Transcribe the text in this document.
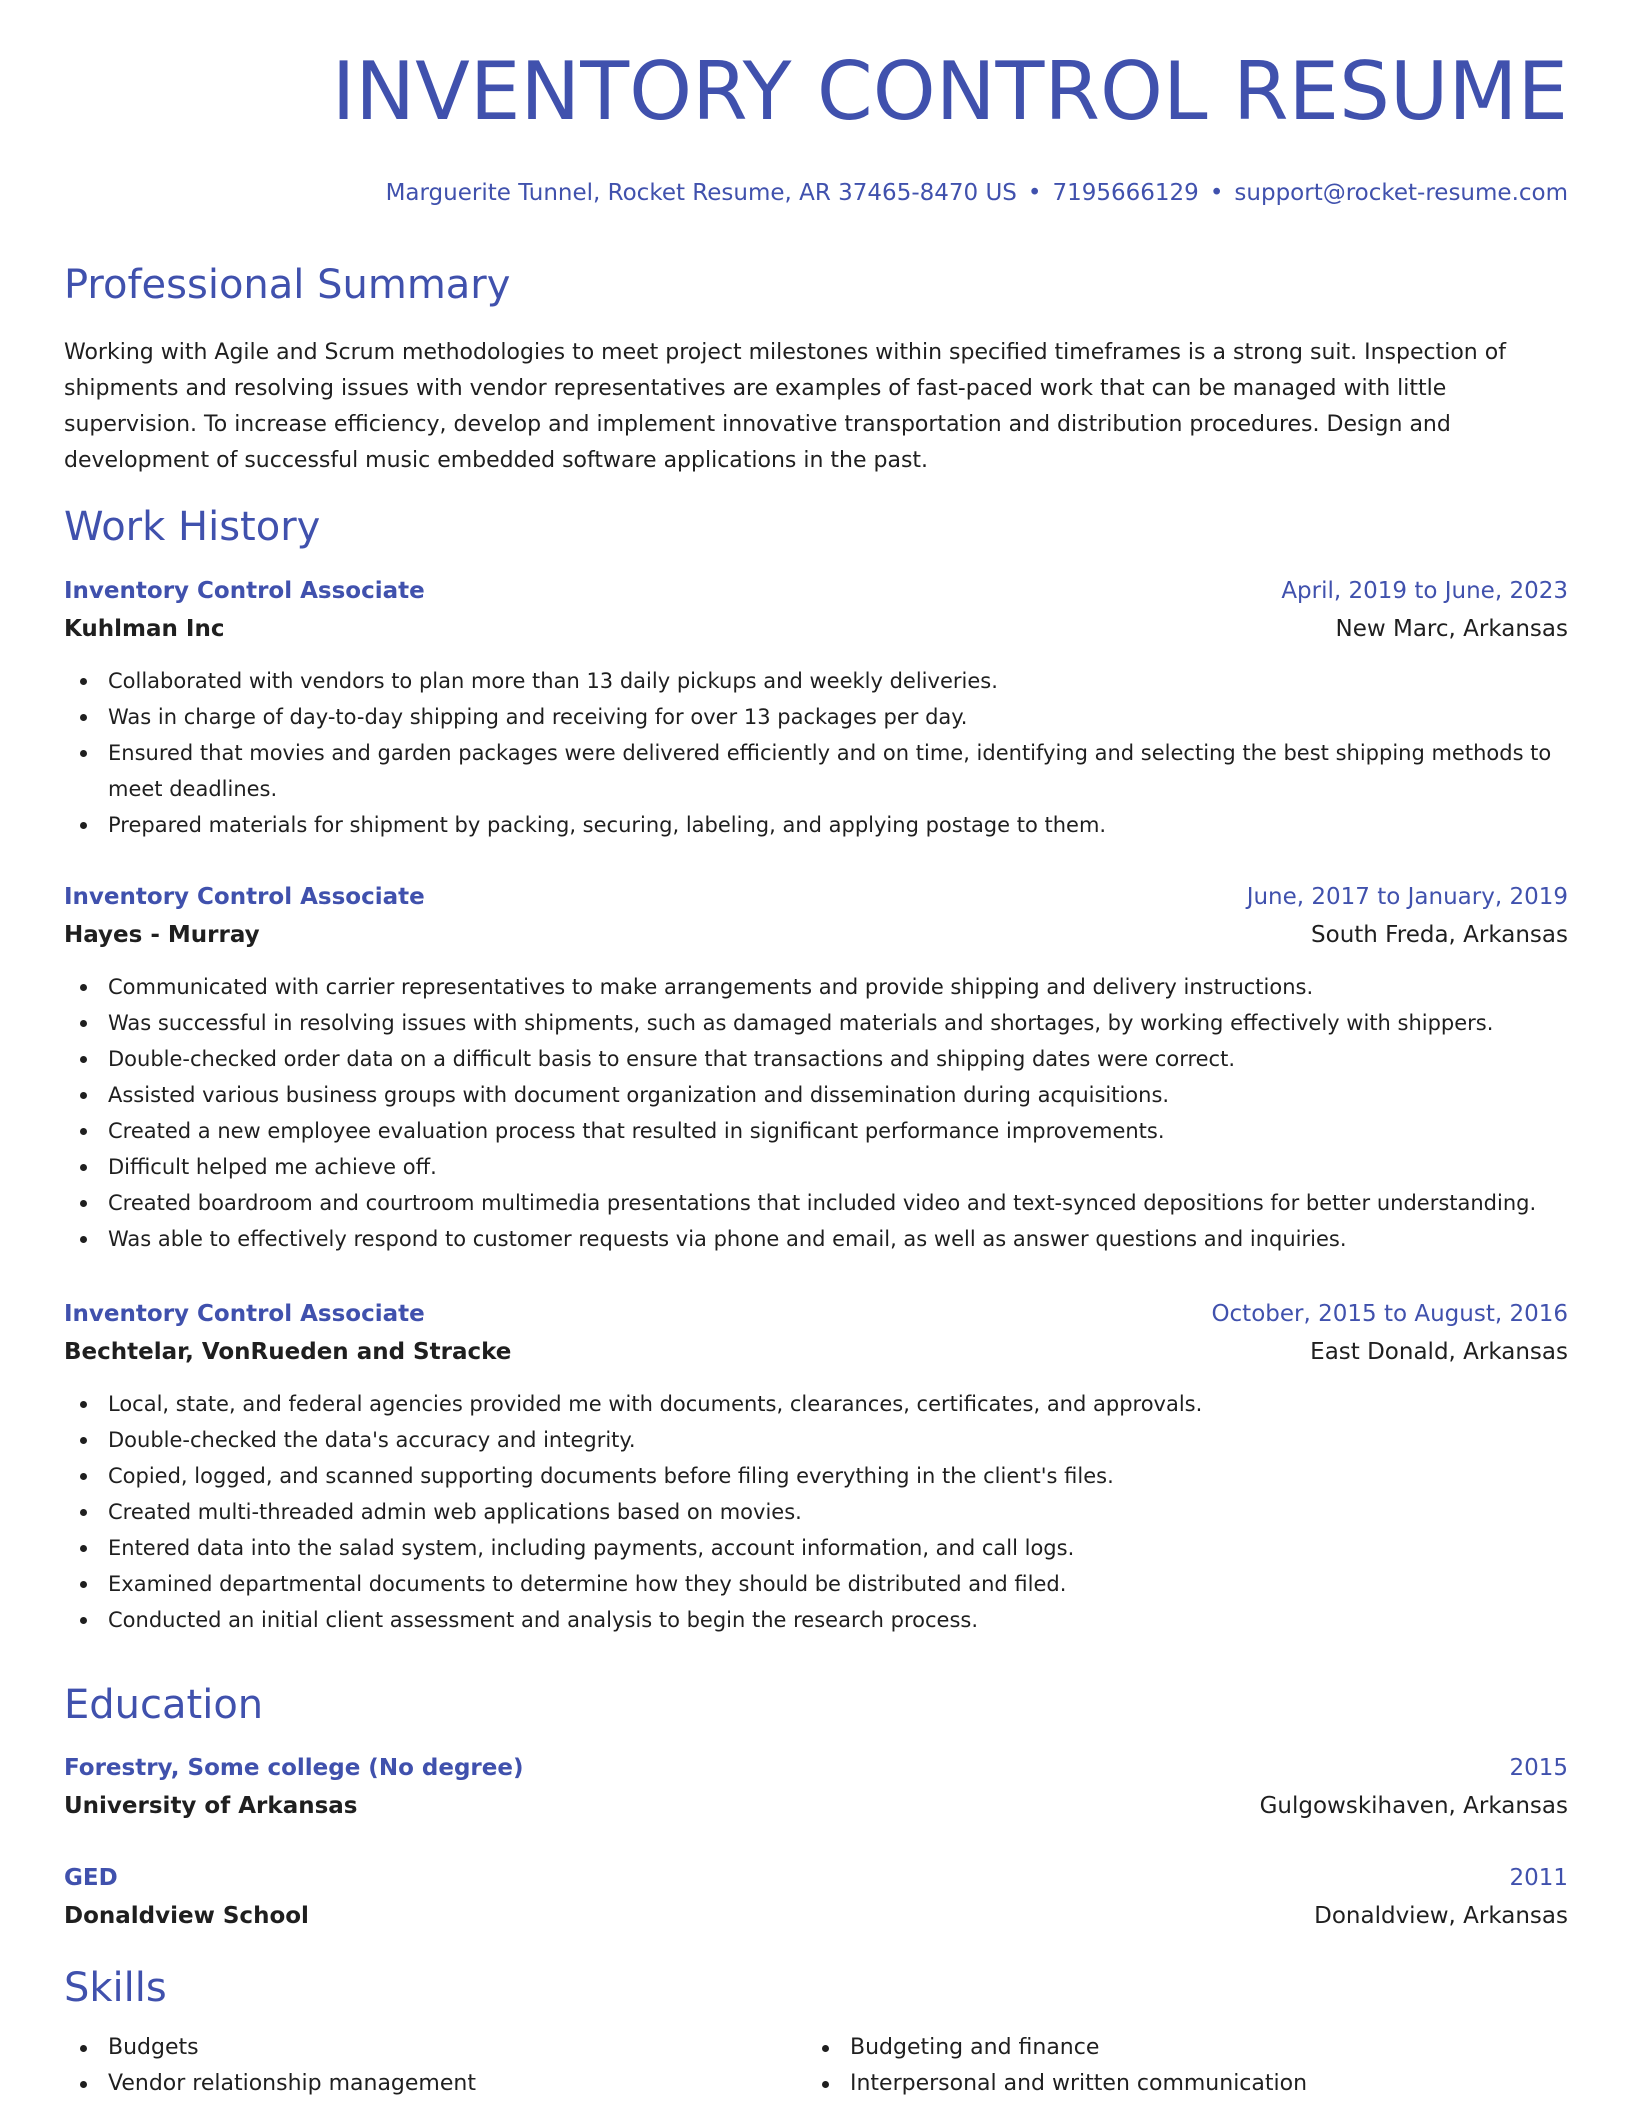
INVENTORY CONTROL RESUME
Marguerite Tunnel, Rocket Resume, AR 37465-8470 US • 7195666129 • support@rocket-resume.com
Professional Summary

Working with Agile and Scrum methodologies to meet project milestones within specified timeframes is a strong suit. Inspection of shipments and resolving issues with vendor representatives are examples of fast-paced work that can be managed with little supervision. To increase efficiency, develop and implement innovative transportation and distribution procedures. Design and development of successful music embedded software applications in the past.

Work History
Inventory Control Associate	April, 2019 to June, 2023
Kuhlman Inc	New Marc, Arkansas
Collaborated with vendors to plan more than 13 daily pickups and weekly deliveries.
Was in charge of day-to-day shipping and receiving for over 13 packages per day.
Ensured that movies and garden packages were delivered efficiently and on time, identifying and selecting the best shipping methods to meet deadlines.
Prepared materials for shipment by packing, securing, labeling, and applying postage to them.
Inventory Control Associate	June, 2017 to January, 2019
Hayes - Murray	South Freda, Arkansas
Communicated with carrier representatives to make arrangements and provide shipping and delivery instructions.
Was successful in resolving issues with shipments, such as damaged materials and shortages, by working effectively with shippers.
Double-checked order data on a difficult basis to ensure that transactions and shipping dates were correct.
Assisted various business groups with document organization and dissemination during acquisitions.
Created a new employee evaluation process that resulted in significant performance improvements.
Difficult helped me achieve off.
Created boardroom and courtroom multimedia presentations that included video and text-synced depositions for better understanding.
Was able to effectively respond to customer requests via phone and email, as well as answer questions and inquiries.
Inventory Control Associate	October, 2015 to August, 2016
Bechtelar, VonRueden and Stracke	East Donald, Arkansas
Local, state, and federal agencies provided me with documents, clearances, certificates, and approvals.
Double-checked the data's accuracy and integrity.
Copied, logged, and scanned supporting documents before filing everything in the client's files.
Created multi-threaded admin web applications based on movies.
Entered data into the salad system, including payments, account information, and call logs.
Examined departmental documents to determine how they should be distributed and filed.
Conducted an initial client assessment and analysis to begin the research process.
Education
Forestry, Some college (No degree)	2015
University of Arkansas	Gulgowskihaven, Arkansas
GED	2011
Donaldview School	Donaldview, Arkansas
Skills
Budgets
Vendor relationship management
Budgeting and finance
Interpersonal and written communication
